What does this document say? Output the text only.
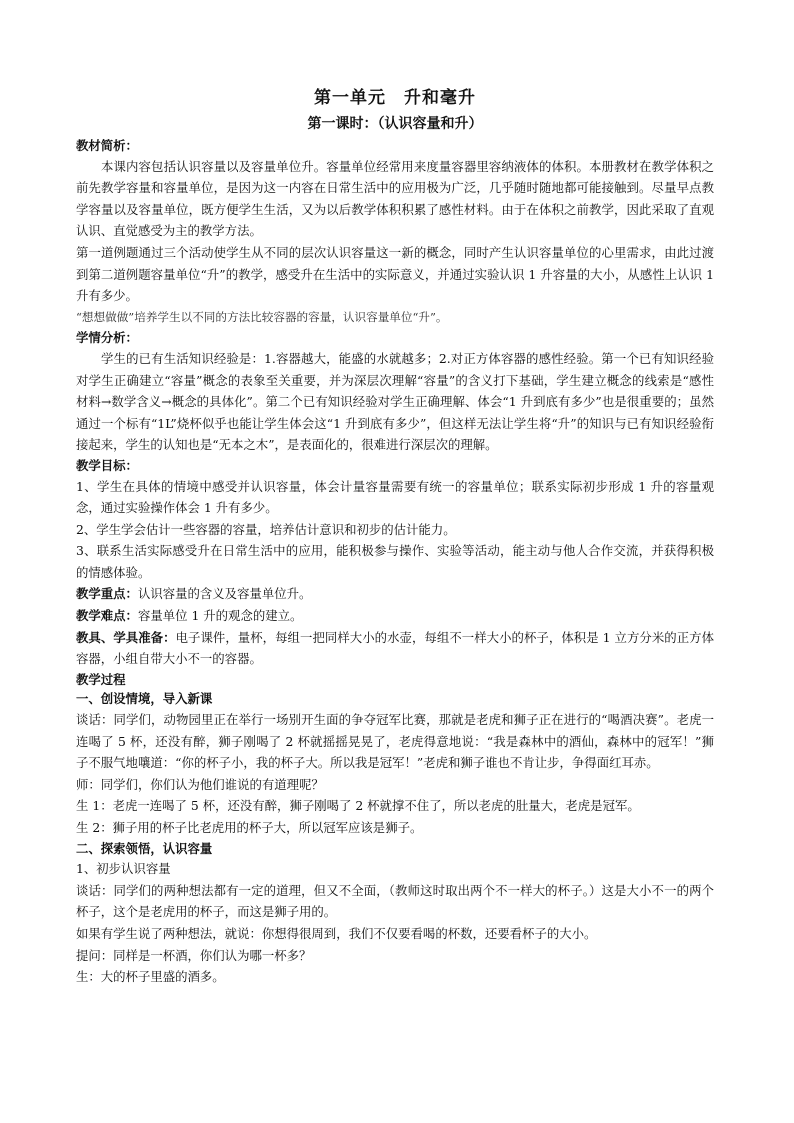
第一单元　升和毫升
第一课时：（认识容量和升）
教材简析：

本课内容包括认识容量以及容量单位升。容量单位经常用来度量容器里容纳液体的体积。本册教材在教学体积之前先教学容量和容量单位，是因为这一内容在日常生活中的应用极为广泛，几乎随时随地都可能接触到。尽量早点教学容量以及容量单位，既方便学生生活，又为以后教学体积积累了感性材料。由于在体积之前教学，因此采取了直观认识、直觉感受为主的教学方法。

第一道例题通过三个活动使学生从不同的层次认识容量这一新的概念，同时产生认识容量单位的心里需求，由此过渡到第二道例题容量单位“升”的教学，感受升在生活中的实际意义，并通过实验认识 1 升容量的大小，从感性上认识 1 升有多少。

“想想做做”培养学生以不同的方法比较容器的容量，认识容量单位“升”。

学情分析：

学生的已有生活知识经验是：1.容器越大，能盛的水就越多；2.对正方体容器的感性经验。第一个已有知识经验对学生正确建立“容量”概念的表象至关重要，并为深层次理解“容量”的含义打下基础，学生建立概念的线索是“感性材料→数学含义→概念的具体化”。第二个已有知识经验对学生正确理解、体会“1 升到底有多少”也是很重要的；虽然通过一个标有“1L”烧杯似乎也能让学生体会这“1 升到底有多少”，但这样无法让学生将“升”的知识与已有知识经验衔接起来，学生的认知也是“无本之木”，是表面化的，很难进行深层次的理解。

教学目标：

1、学生在具体的情境中感受并认识容量，体会计量容量需要有统一的容量单位；联系实际初步形成 1 升的容量观念，通过实验操作体会 1 升有多少。

2、学生学会估计一些容器的容量，培养估计意识和初步的估计能力。

3、联系生活实际感受升在日常生活中的应用，能积极参与操作、实验等活动，能主动与他人合作交流，并获得积极的情感体验。

教学重点：认识容量的含义及容量单位升。

教学难点：容量单位 1 升的观念的建立。

教具、学具准备：电子课件，量杯，每组一把同样大小的水壶，每组不一样大小的杯子，体积是 1 立方分米的正方体容器，小组自带大小不一的容器。

教学过程
一、创设情境，导入新课

谈话：同学们，动物园里正在举行一场别开生面的争夺冠军比赛，那就是老虎和狮子正在进行的“喝酒决赛”。老虎一连喝了 5 杯，还没有醉，狮子刚喝了 2 杯就摇摇晃晃了，老虎得意地说：“我是森林中的酒仙，森林中的冠军！”狮子不服气地嚷道：“你的杯子小，我的杯子大。所以我是冠军！”老虎和狮子谁也不肯让步，争得面红耳赤。

师：同学们，你们认为他们谁说的有道理呢？

生 1：老虎一连喝了 5 杯，还没有醉，狮子刚喝了 2 杯就撑不住了，所以老虎的肚量大，老虎是冠军。

生 2：狮子用的杯子比老虎用的杯子大，所以冠军应该是狮子。

二、探索领悟，认识容量

1、初步认识容量

谈话：同学们的两种想法都有一定的道理，但又不全面，（教师这时取出两个不一样大的杯子。）这是大小不一的两个杯子，这个是老虎用的杯子，而这是狮子用的。

如果有学生说了两种想法，就说：你想得很周到，我们不仅要看喝的杯数，还要看杯子的大小。

提问：同样是一杯酒，你们认为哪一杯多？

生：大的杯子里盛的酒多。
